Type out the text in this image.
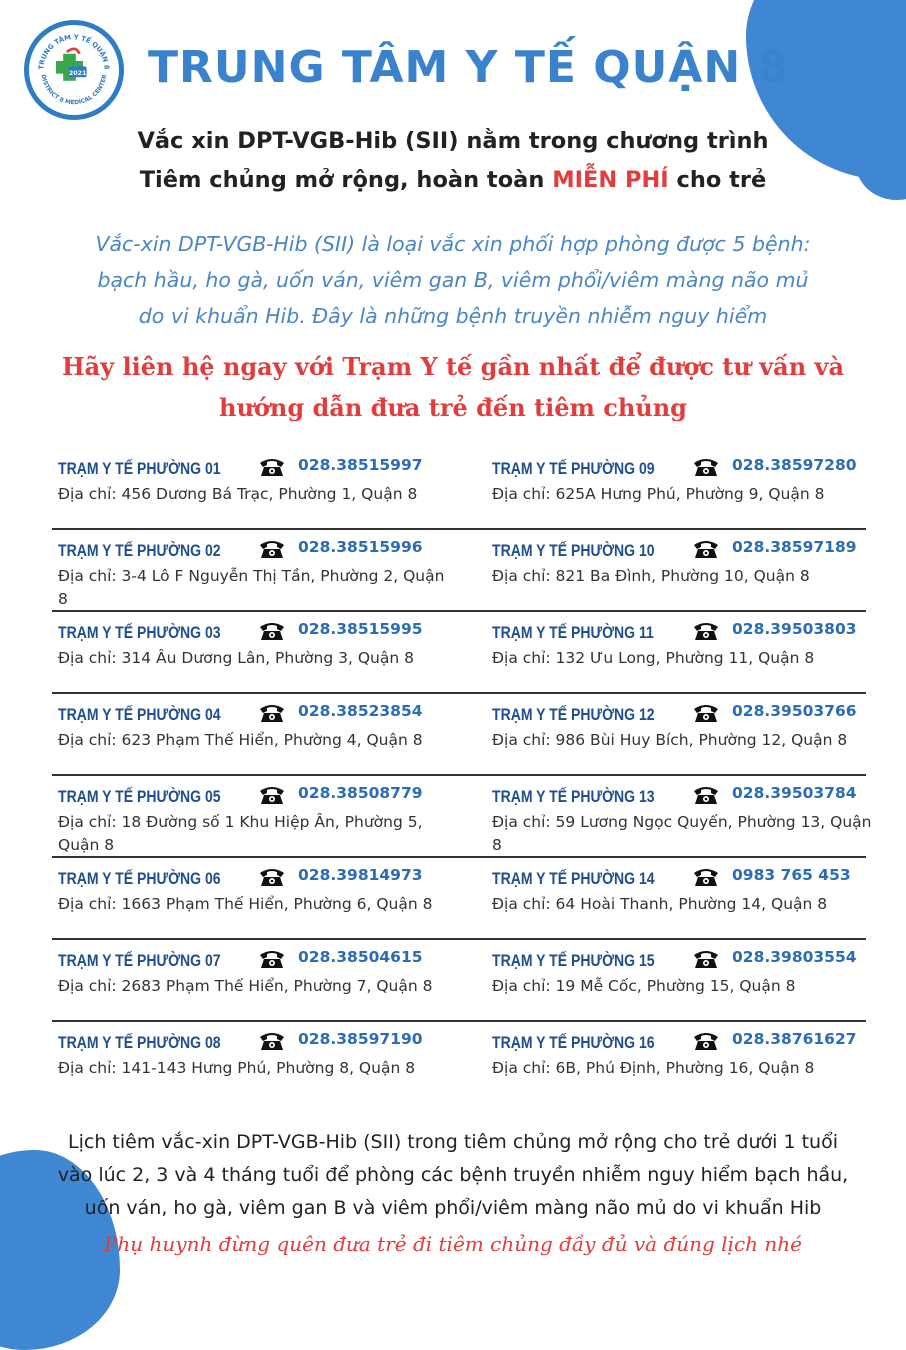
TRUNG TÂM Y TẾ QUẬN 8
DISTRICT 8 MEDICAL CENTER
2021 TRUNG TÂM Y TẾ QUẬN 8
Vắc xin DPT-VGB-Hib (SII) nằm trong chương trình
Tiêm chủng mở rộng, hoàn toàn MIỄN PHÍ cho trẻ
Vắc-xin DPT-VGB-Hib (SII) là loại vắc xin phối hợp phòng được 5 bệnh:
bạch hầu, ho gà, uốn ván, viêm gan B, viêm phổi/viêm màng não mủ
do vi khuẩn Hib. Đây là những bệnh truyền nhiễm nguy hiểm
Hãy liên hệ ngay với Trạm Y tế gần nhất để được tư vấn và
hướng dẫn đưa trẻ đến tiêm chủng
TRẠM Y TẾ PHƯỜNG 01	028.38515997
Địa chỉ: 456 Dương Bá Trạc, Phường 1, Quận 8
TRẠM Y TẾ PHƯỜNG 09	028.38597280
Địa chỉ: 625A Hưng Phú, Phường 9, Quận 8
TRẠM Y TẾ PHƯỜNG 02	028.38515996
Địa chỉ: 3-4 Lô F Nguyễn Thị Tần, Phường 2, Quận 8
TRẠM Y TẾ PHƯỜNG 10	028.38597189
Địa chỉ: 821 Ba Đình, Phường 10, Quận 8
TRẠM Y TẾ PHƯỜNG 03	028.38515995
Địa chỉ: 314 Âu Dương Lân, Phường 3, Quận 8
TRẠM Y TẾ PHƯỜNG 11	028.39503803
Địa chỉ: 132 Ưu Long, Phường 11, Quận 8
TRẠM Y TẾ PHƯỜNG 04	028.38523854
Địa chỉ: 623 Phạm Thế Hiển, Phường 4, Quận 8
TRẠM Y TẾ PHƯỜNG 12	028.39503766
Địa chỉ: 986 Bùi Huy Bích, Phường 12, Quận 8
TRẠM Y TẾ PHƯỜNG 05	028.38508779
Địa chỉ: 18 Đường số 1 Khu Hiệp Ân, Phường 5, Quận 8
TRẠM Y TẾ PHƯỜNG 13	028.39503784
Địa chỉ: 59 Lương Ngọc Quyến, Phường 13, Quận 8
TRẠM Y TẾ PHƯỜNG 06	028.39814973
Địa chỉ: 1663 Phạm Thế Hiển, Phường 6, Quận 8
TRẠM Y TẾ PHƯỜNG 14	0983 765 453
Địa chỉ: 64 Hoài Thanh, Phường 14, Quận 8
TRẠM Y TẾ PHƯỜNG 07	028.38504615
Địa chỉ: 2683 Phạm Thế Hiển, Phường 7, Quận 8
TRẠM Y TẾ PHƯỜNG 15	028.39803554
Địa chỉ: 19 Mễ Cốc, Phường 15, Quận 8
TRẠM Y TẾ PHƯỜNG 08	028.38597190
Địa chỉ: 141-143 Hưng Phú, Phường 8, Quận 8
TRẠM Y TẾ PHƯỜNG 16	028.38761627
Địa chỉ: 6B, Phú Định, Phường 16, Quận 8
Lịch tiêm vắc-xin DPT-VGB-Hib (SII) trong tiêm chủng mở rộng cho trẻ dưới 1 tuổi
vào lúc 2, 3 và 4 tháng tuổi để phòng các bệnh truyền nhiễm nguy hiểm bạch hầu,
uốn ván, ho gà, viêm gan B và viêm phổi/viêm màng não mủ do vi khuẩn Hib
Phụ huynh đừng quên đưa trẻ đi tiêm chủng đầy đủ và đúng lịch nhé
